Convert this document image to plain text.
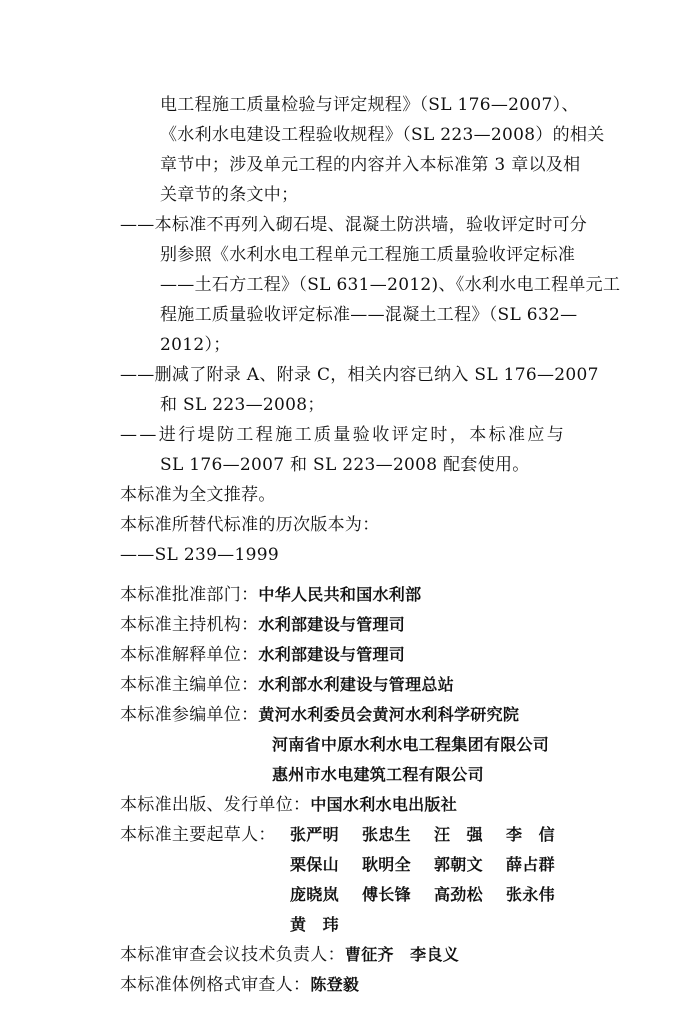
电工程施工质量检验与评定规程》（SL 176—2007）、
《水利水电建设工程验收规程》（SL 223—2008）的相关
章节中；涉及单元工程的内容并入本标准第 3 章以及相
关章节的条文中；
——本标准不再列入砌石堤、混凝土防洪墙，验收评定时可分
别参照《水利水电工程单元工程施工质量验收评定标准
——土石方工程》（SL 631—2012)、《水利水电工程单元工
程施工质量验收评定标准——混凝土工程》（SL 632—
2012）；
——删减了附录 A、附录 C，相关内容已纳入 SL 176—2007
和 SL 223—2008；
——进行堤防工程施工质量验收评定时，本标准应与
SL 176—2007 和 SL 223—2008 配套使用。
本标准为全文推荐。
本标准所替代标准的历次版本为：
——SL 239—1999
本标准批准部门：中华人民共和国水利部
本标准主持机构：水利部建设与管理司
本标准解释单位：水利部建设与管理司
本标准主编单位：水利部水利建设与管理总站
本标准参编单位：黄河水利委员会黄河水利科学研究院
河南省中原水利水电工程集团有限公司
惠州市水电建筑工程有限公司
本标准出版、发行单位：中国水利水电出版社
本标准主要起草人： 张严明 张忠生 汪　强 李　信
栗保山 耿明全 郭朝文 薛占群
庞晓岚 傅长锋 高劲松 张永伟
黄　玮
本标准审查会议技术负责人：曹征齐　李良义
本标准体例格式审查人：陈登毅
